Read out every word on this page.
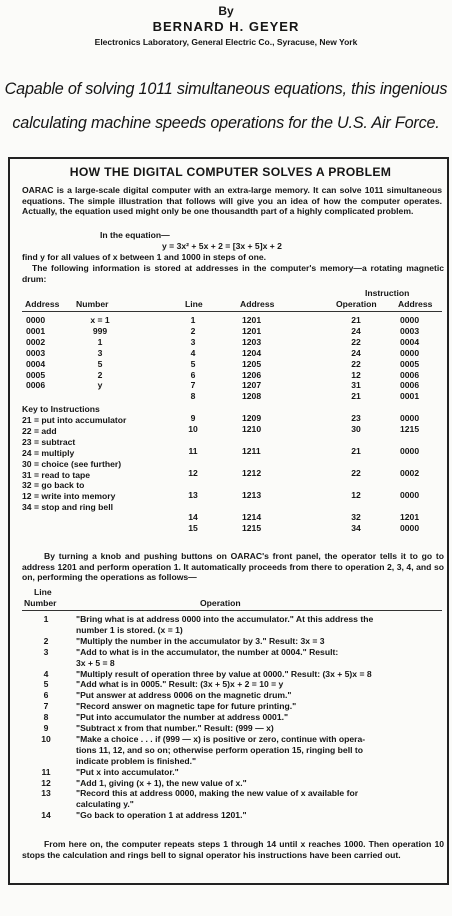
By
BERNARD H. GEYER
Electronics Laboratory, General Electric Co., Syracuse, New York
Capable of solving 1011 simultaneous equations, this ingenious calculating machine speeds operations for the U.S. Air Force.
HOW THE DIGITAL COMPUTER SOLVES A PROBLEM
OARAC is a large-scale digital computer with an extra-large memory. It can solve 1011 simultaneous equations. The simple illustration that follows will give you an idea of how the computer operates. Actually, the equation used might only be one thousandth part of a highly complicated problem.
In the equation—
y = 3x² + 5x + 2 = [3x + 5]x + 2
find y for all values of x between 1 and 1000 in steps of one.
The following information is stored at addresses in the computer's memory—a rotating magnetic drum:
Instruction
Address Number	Line	Address	Operation Address
0000	x = 1
0001	999
0002	1
0003	3
0004	5
0005	2
0006	y
1	1201	21	0000
2	1201	24	0003
3	1203	22	0004
4	1204	24	0000
5	1205	22	0005
6	1206	12	0006
7	1207	31	0006
8	1208	21	0001
9	1209	23	0000
10	1210	30	1215
11	1211	21	0000
12	1212	22	0002
13	1213	12	0000
14	1214	32	1201
15	1215	34	0000
Key to Instructions
21 = put into accumulator
22 = add
23 = subtract
24 = multiply
30 = choice (see further)
31 = read to tape
32 = go back to
12 = write into memory
34 = stop and ring bell
By turning a knob and pushing buttons on OARAC's front panel, the operator tells it to go to address 1201 and perform operation 1. It automatically proceeds from there to operation 2, 3, 4, and so on, performing the operations as follows—
Line
Number	Operation
1	"Bring what is at address 0000 into the accumulator." At this address the
number 1 is stored. (x = 1)
2	"Multiply the number in the accumulator by 3." Result: 3x = 3
3	"Add to what is in the accumulator, the number at 0004." Result:
3x + 5 = 8
4	"Multiply result of operation three by value at 0000." Result: (3x + 5)x = 8
5	"Add what is in 0005." Result: (3x + 5)x + 2 = 10 = y
6	"Put answer at address 0006 on the magnetic drum."
7	"Record answer on magnetic tape for future printing."
8	"Put into accumulator the number at address 0001."
9	"Subtract x from that number." Result: (999 — x)
10	"Make a choice . . . if (999 — x) is positive or zero, continue with opera-
tions 11, 12, and so on; otherwise perform operation 15, ringing bell to
indicate problem is finished."
11	"Put x into accumulator."
12	"Add 1, giving (x + 1), the new value of x."
13	"Record this at address 0000, making the new value of x available for
calculating y."
14	"Go back to operation 1 at address 1201."
From here on, the computer repeats steps 1 through 14 until x reaches 1000. Then operation 10 stops the calculation and rings bell to signal operator his instructions have been carried out.
